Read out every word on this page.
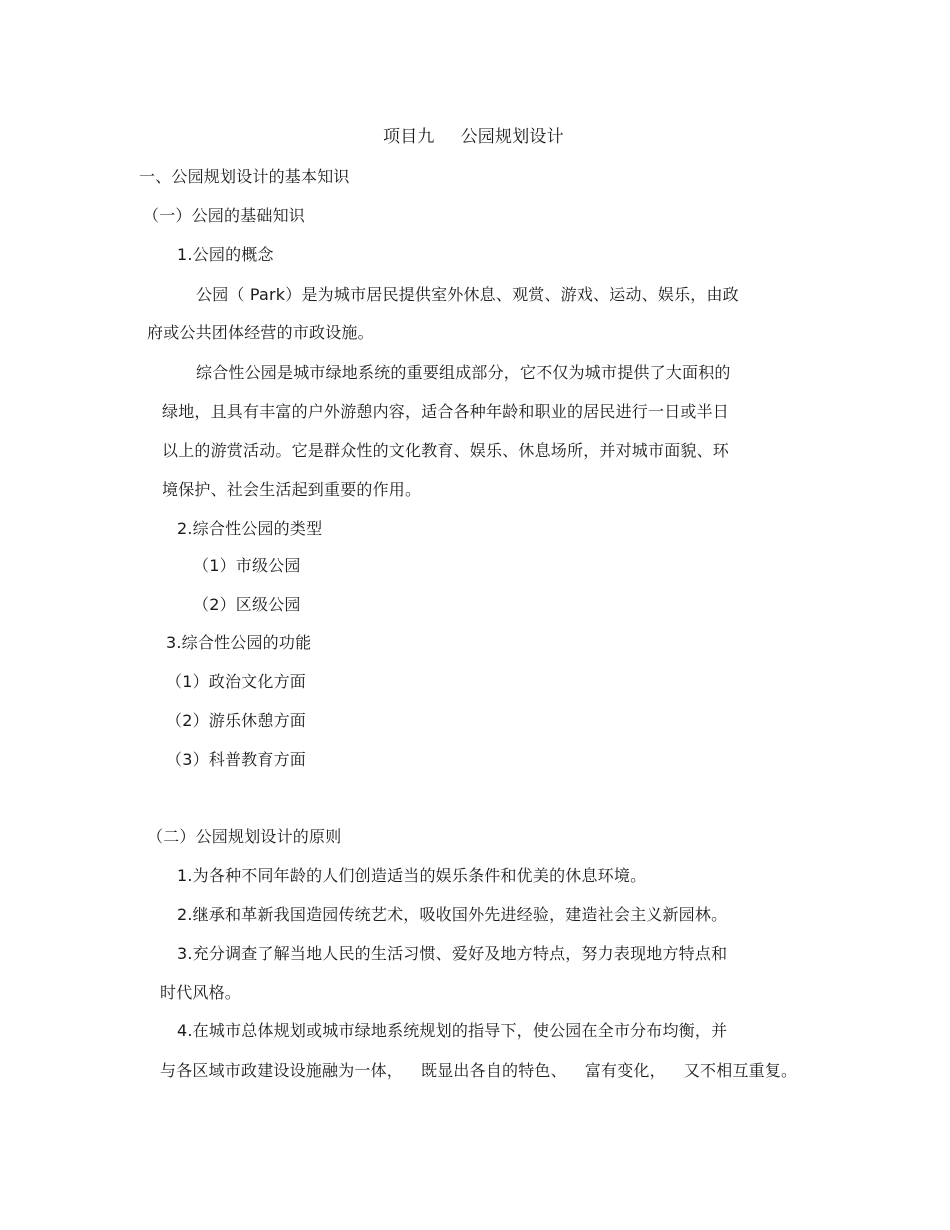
项目九 公园规划设计
一、公园规划设计的基本知识
（一）公园的基础知识
1.公园的概念
公园（ Park）是为城市居民提供室外休息、观赏、游戏、运动、娱乐，由政
府或公共团体经营的市政设施。
综合性公园是城市绿地系统的重要组成部分，它不仅为城市提供了大面积的
绿地，且具有丰富的户外游憩内容，适合各种年龄和职业的居民进行一日或半日
以上的游赏活动。它是群众性的文化教育、娱乐、休息场所，并对城市面貌、环
境保护、社会生活起到重要的作用。
2.综合性公园的类型
（1）市级公园
（2）区级公园
3.综合性公园的功能
（1）政治文化方面
（2）游乐休憩方面
（3）科普教育方面
（二）公园规划设计的原则
1.为各种不同年龄的人们创造适当的娱乐条件和优美的休息环境。
2.继承和革新我国造园传统艺术，吸收国外先进经验，建造社会主义新园林。
3.充分调查了解当地人民的生活习惯、爱好及地方特点，努力表现地方特点和
时代风格。
4.在城市总体规划或城市绿地系统规划的指导下，使公园在全市分布均衡，并
与各区域市政建设设施融为一体， 既显出各自的特色、 富有变化， 又不相互重复。
